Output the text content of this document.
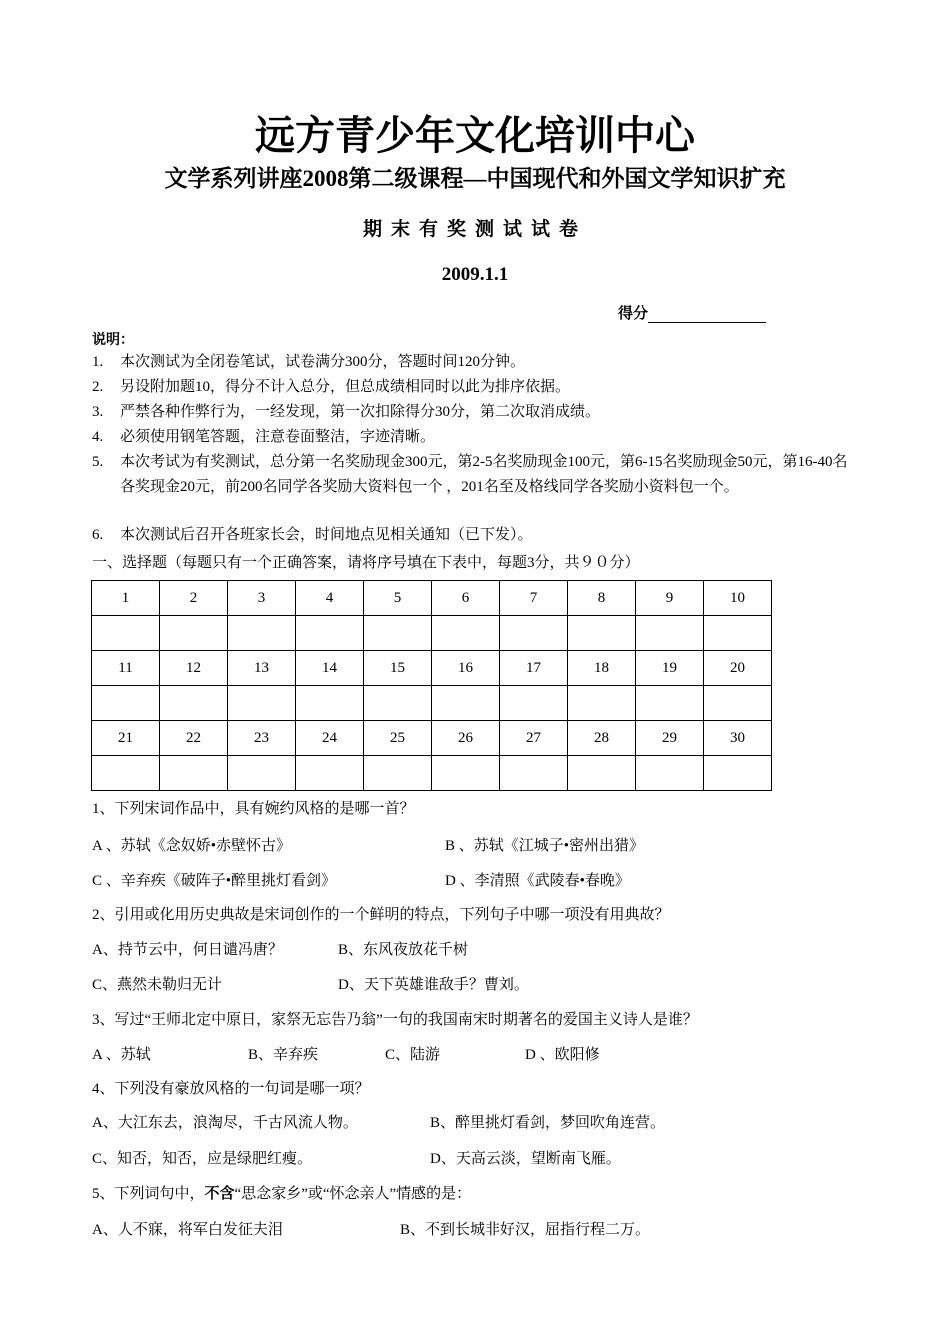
远方青少年文化培训中心
文学系列讲座2008第二级课程—中国现代和外国文学知识扩充
期末有奖测试试卷
2009.1.1
得分
说明：
1. 本次测试为全闭卷笔试，试卷满分300分，答题时间120分钟。
2. 另设附加题10，得分不计入总分，但总成绩相同时以此为排序依据。
3. 严禁各种作弊行为，一经发现，第一次扣除得分30分，第二次取消成绩。
4. 必须使用钢笔答题，注意卷面整洁，字迹清晰。
5. 本次考试为有奖测试，总分第一名奖励现金300元，第2-5名奖励现金100元，第6-15名奖励现金50元，第16-40名各奖现金20元，前200名同学各奖励大资料包一个 ，201名至及格线同学各奖励小资料包一个。
6. 本次测试后召开各班家长会，时间地点见相关通知（已下发）。
一、选择题（每题只有一个正确答案，请将序号填在下表中，每题3分，共９０分）
1	2	3	4	5	6	7	8	9	10

11	12	13	14	15	16	17	18	19	20

21	22	23	24	25	26	27	28	29	30

1、下列宋词作品中，具有婉约风格的是哪一首？
A 、苏轼《念奴娇•赤壁怀古》	B 、苏轼《江城子•密州出猎》
C 、辛弃疾《破阵子•醉里挑灯看剑》	D 、李清照《武陵春•春晚》
2、引用或化用历史典故是宋词创作的一个鲜明的特点，下列句子中哪一项没有用典故？
A、持节云中，何日谴冯唐？	B、东风夜放花千树
C、燕然未勒归无计	D、天下英雄谁敌手？曹刘。
3、写过“王师北定中原日，家祭无忘告乃翁”一句的我国南宋时期著名的爱国主义诗人是谁？
A 、苏轼	B、辛弃疾	C、陆游	D 、欧阳修
4、下列没有豪放风格的一句词是哪一项？
A、大江东去，浪淘尽，千古风流人物。	B、醉里挑灯看剑，梦回吹角连营。
C、知否，知否，应是绿肥红瘦。	D、天高云淡，望断南飞雁。
5、下列词句中，不含“思念家乡”或“怀念亲人”情感的是：
A、人不寐，将军白发征夫泪	B、不到长城非好汉，屈指行程二万。
